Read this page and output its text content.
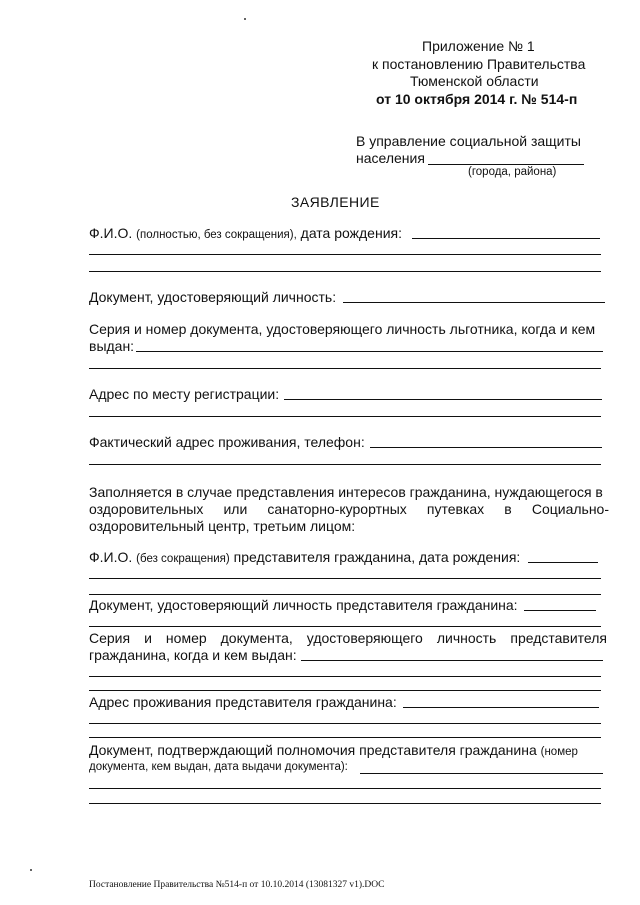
Приложение № 1
к постановлению Правительства
Тюменской области
от 10 октября 2014 г. № 514-п
В управление социальной защиты
населения
(города, района)
ЗАЯВЛЕНИЕ
Ф.И.О. (полностью, без сокращения), дата рождения:
Документ, удостоверяющий личность:
Серия и номер документа, удостоверяющего личность льготника, когда и кем
выдан:
Адрес по месту регистрации:
Фактический адрес проживания, телефон:
Заполняется в случае представления интересов гражданина, нуждающегося в
оздоровительных или санаторно-курортных путевках в Социально-
оздоровительный центр, третьим лицом:
Ф.И.О. (без сокращения) представителя гражданина, дата рождения:
Документ, удостоверяющий личность представителя гражданина:
Серия и номер документа, удостоверяющего личность представителя
гражданина, когда и кем выдан:
Адрес проживания представителя гражданина:
Документ, подтверждающий полномочия представителя гражданина (номер
документа, кем выдан, дата выдачи документа):
Постановление Правительства №514-п от 10.10.2014 (13081327 v1).DOC
